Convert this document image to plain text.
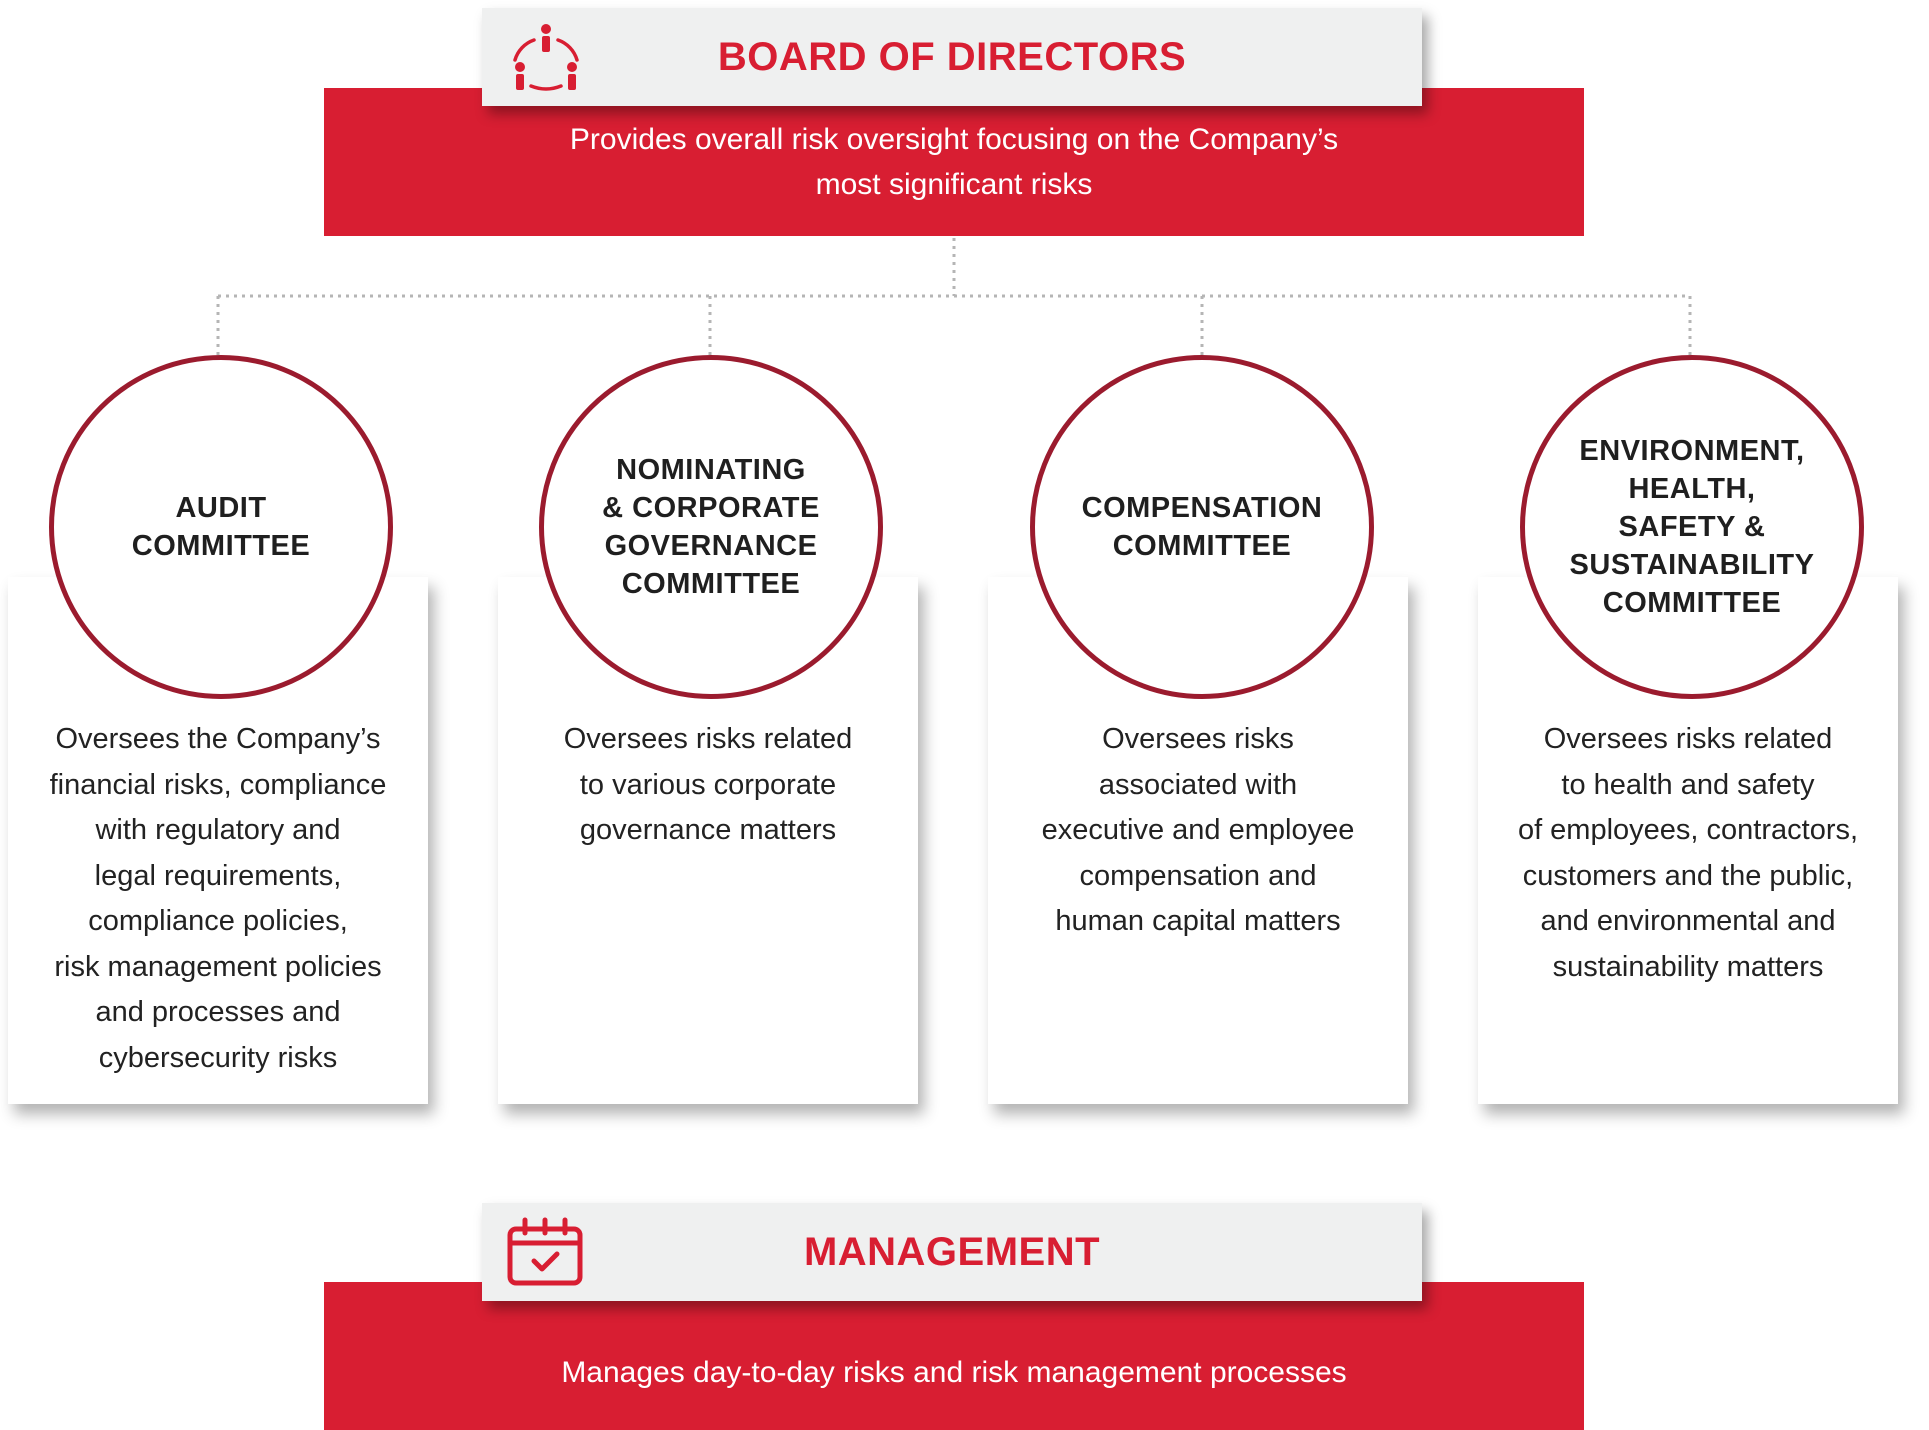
Provides overall risk oversight focusing on the Company’s
most significant risks
BOARD OF DIRECTORS
Oversees the Company’s
financial risks, compliance
with regulatory and
legal requirements,
compliance policies,
risk management policies
and processes and
cybersecurity risks
Oversees risks related
to various corporate
governance matters
Oversees risks
associated with
executive and employee
compensation and
human capital matters
Oversees risks related
to health and safety
of employees, contractors,
customers and the public,
and environmental and
sustainability matters
AUDIT
COMMITTEE
NOMINATING
& CORPORATE
GOVERNANCE
COMMITTEE
COMPENSATION
COMMITTEE
ENVIRONMENT,
HEALTH,
SAFETY &
SUSTAINABILITY
COMMITTEE
Manages day-to-day risks and risk management processes
MANAGEMENT
